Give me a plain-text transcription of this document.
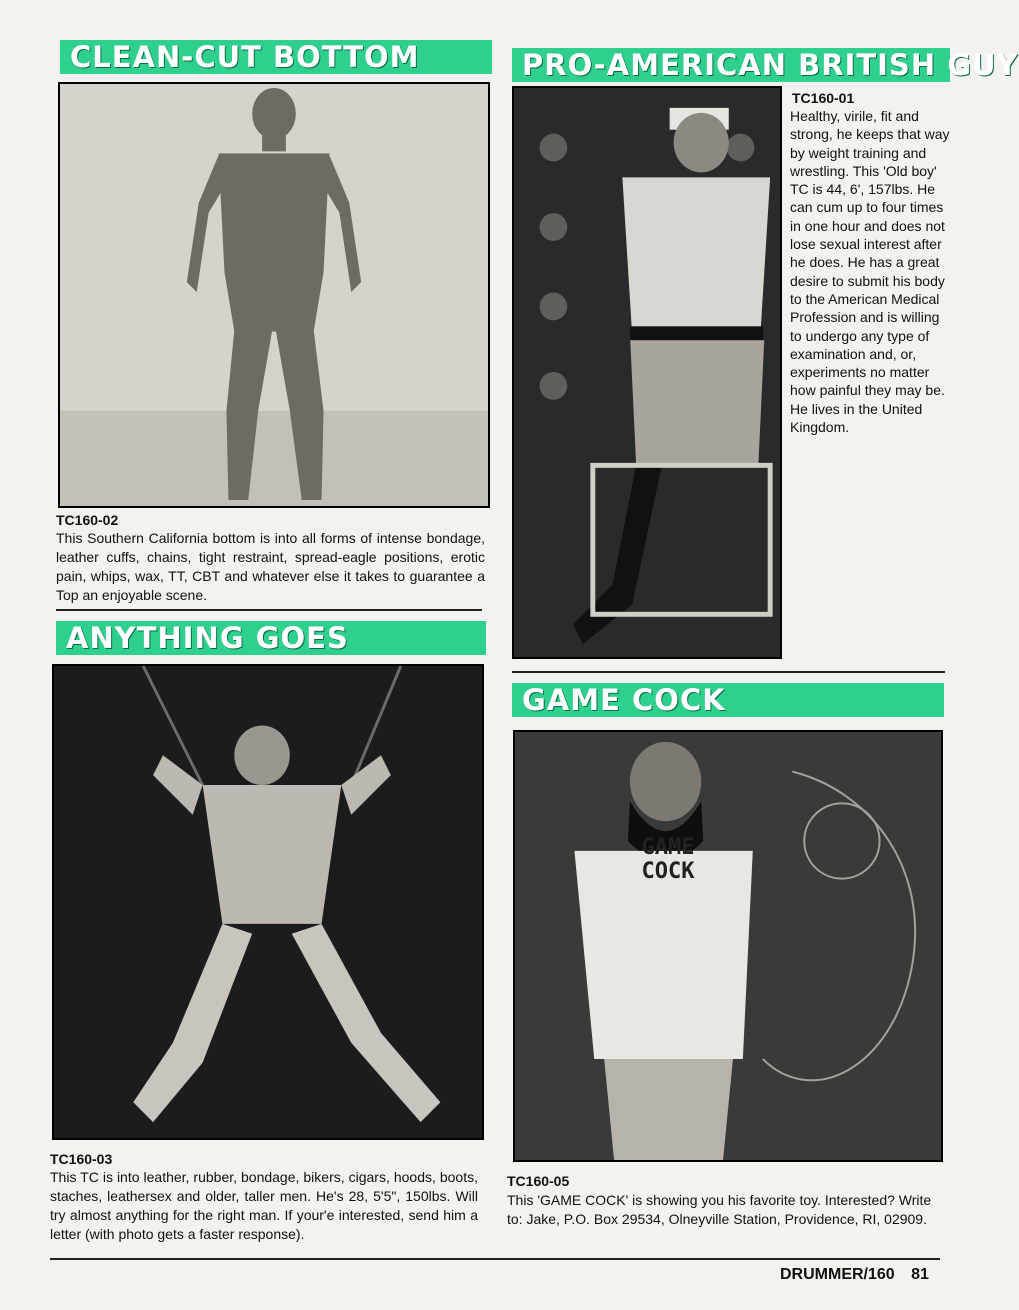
CLEAN-CUT BOTTOM
TC160-02
This Southern California bottom is into all forms of intense bondage, leather cuffs, chains, tight restraint, spread-eagle positions, erotic pain, whips, wax, TT, CBT and whatever else it takes to guarantee a Top an enjoyable scene.
PRO-AMERICAN BRITISH GUY
TC160-01
Healthy, virile, fit and strong, he keeps that way by weight training and wrestling. This 'Old boy' TC is 44, 6', 157lbs. He can cum up to four times in one hour and does not lose sexual interest after he does. He has a great desire to submit his body to the American Medical Profession and is willing to undergo any type of examination and, or, experiments no matter how painful they may be. He lives in the United Kingdom.
ANYTHING GOES
TC160-03
This TC is into leather, rubber, bondage, bikers, cigars, hoods, boots, staches, leathersex and older, taller men. He's 28, 5'5", 150lbs. Will try almost anything for the right man. If your'e interested, send him a letter (with photo gets a faster response).
GAME COCK
GAME
COCK
TC160-05
This 'GAME COCK' is showing you his favorite toy. Interested? Write to: Jake, P.O. Box 29534, Olneyville Station, Providence, RI, 02909.
DRUMMER/160 81
